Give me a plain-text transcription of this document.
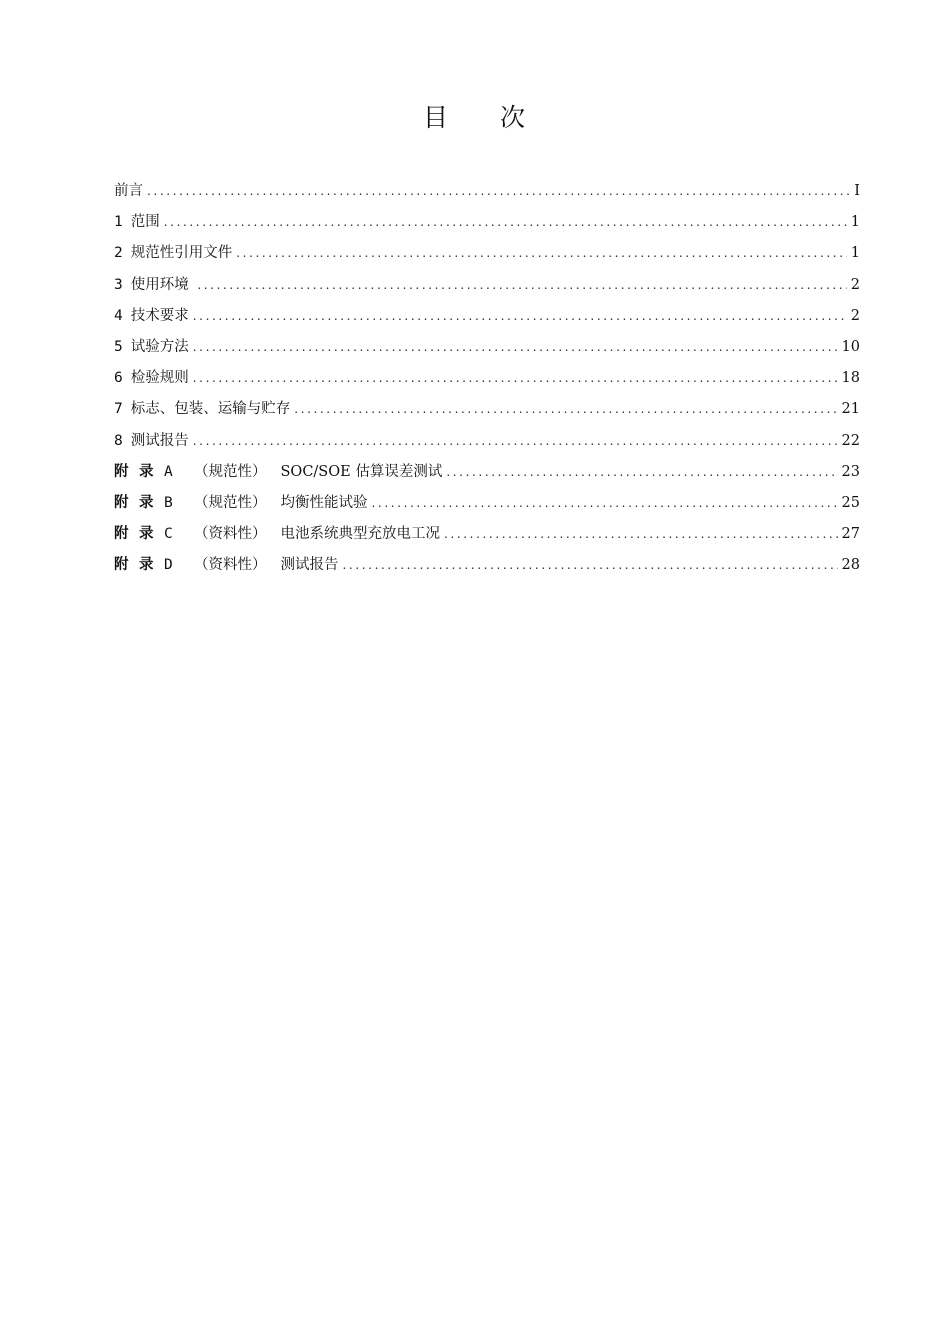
目 次
前言 .....	I
1 范围 .....	1
2 规范性引用文件 .....	1
3 使用环境 .....	2
4 技术要求 .....	2
5 试验方法 .....	10
6 检验规则 .....	18
7 标志、包装、运输与贮存 .....	21
8 测试报告 .....	22
附 录 A （规范性） SOC/SOE 估算误差测试 .....	23
附 录 B （规范性） 均衡性能试验 .....	25
附 录 C （资料性） 电池系统典型充放电工况 .....	27
附 录 D （资料性） 测试报告 .....	28
